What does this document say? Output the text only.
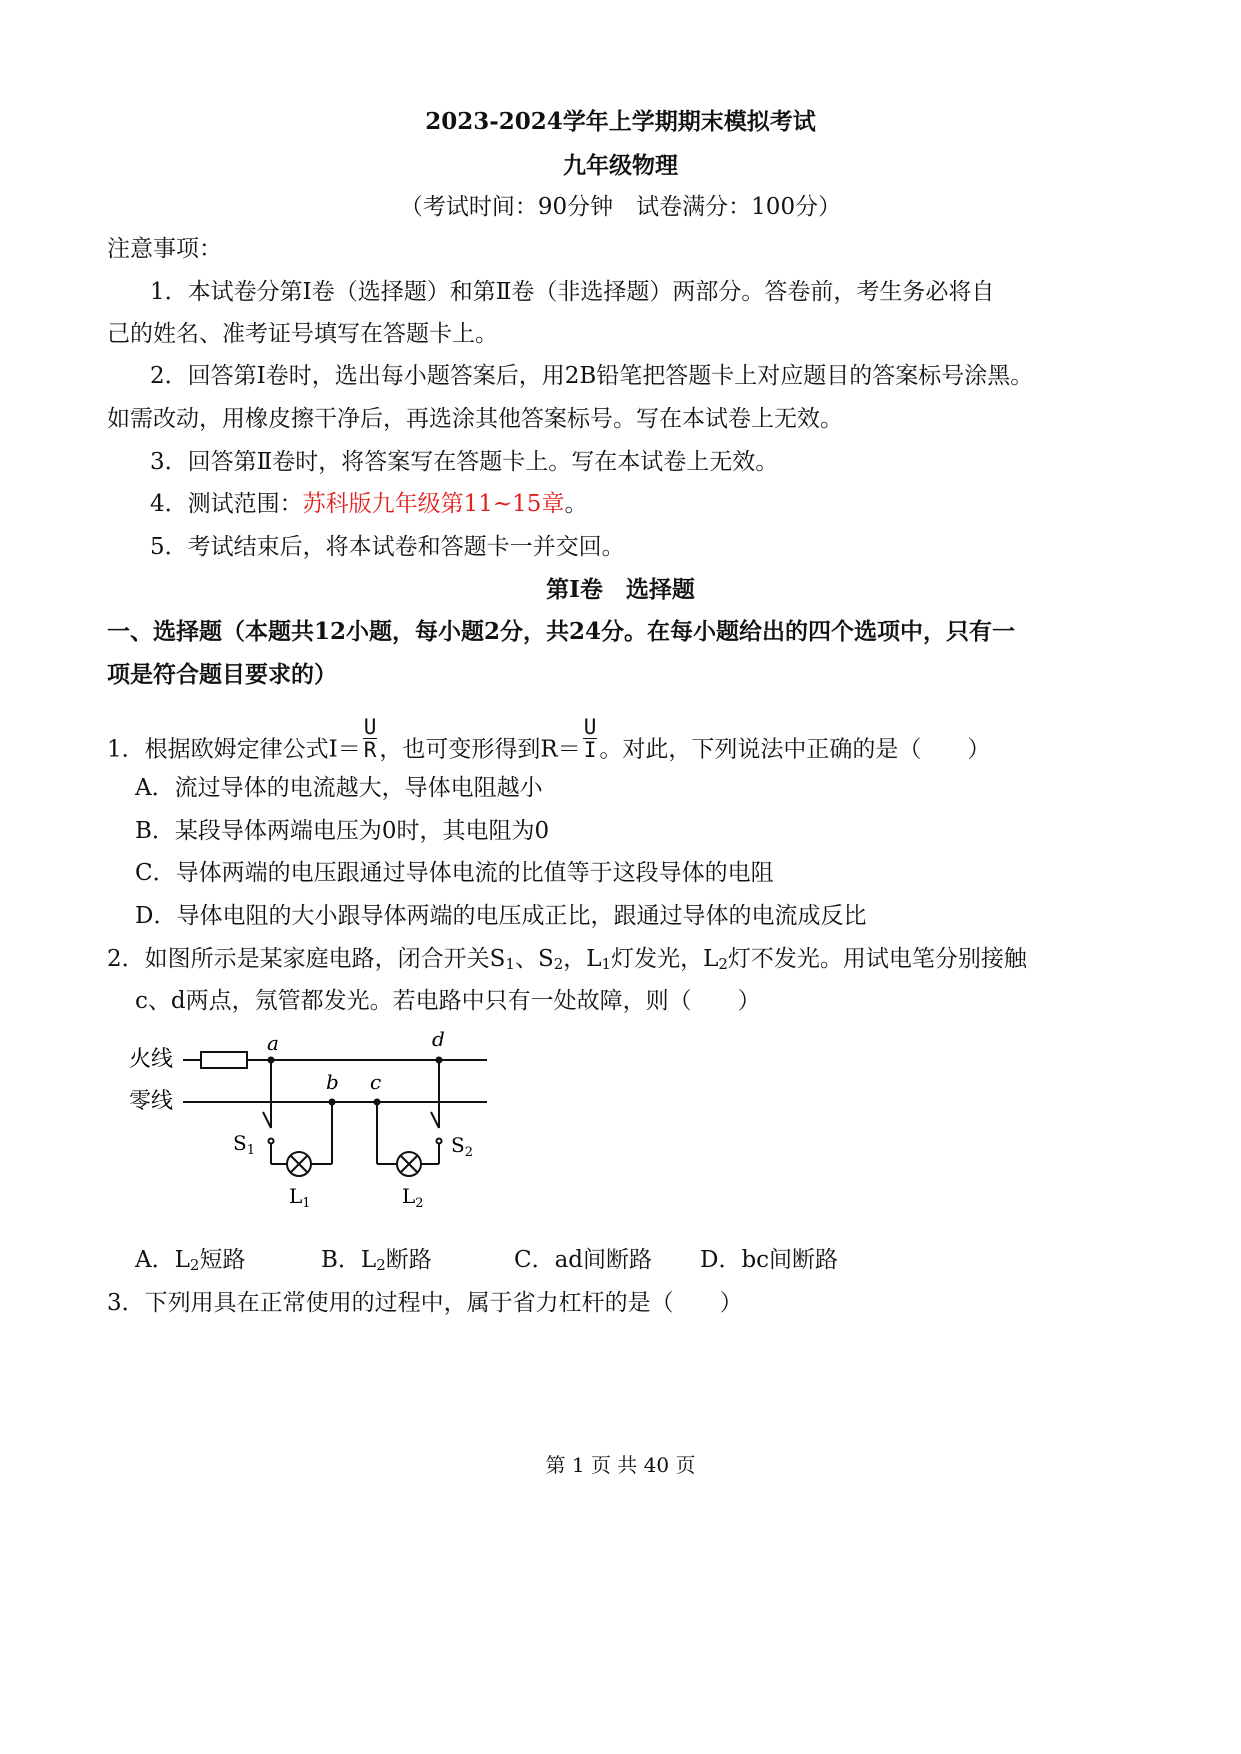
2023-2024学年上学期期末模拟考试
九年级物理
（考试时间：90分钟　试卷满分：100分）
注意事项：
1．本试卷分第Ⅰ卷（选择题）和第Ⅱ卷（非选择题）两部分。答卷前，考生务必将自
己的姓名、准考证号填写在答题卡上。
2．回答第Ⅰ卷时，选出每小题答案后，用2B铅笔把答题卡上对应题目的答案标号涂黑。
如需改动，用橡皮擦干净后，再选涂其他答案标号。写在本试卷上无效。
3．回答第Ⅱ卷时，将答案写在答题卡上。写在本试卷上无效。
4．测试范围：苏科版九年级第11~15章。
5．考试结束后，将本试卷和答题卡一并交回。
第Ⅰ卷　选择题
一、选择题（本题共12小题，每小题2分，共24分。在每小题给出的四个选项中，只有一
项是符合题目要求的）
1．根据欧姆定律公式$I= \frac{U}{R}$ ，也可变形得到$R= \frac{U}{I}$ 。对此，下列说法中正确的是（　　）
A．流过导体的电流越大，导体电阻越小
B．某段导体两端电压为0时，其电阻为0
C．导体两端的电压跟通过导体电流的比值等于这段导体的电阻
D．导体电阻的大小跟导体两端的电压成正比，跟通过导体的电流成反比
2．如图所示是某家庭电路，闭合开关$S_1$、$S_2$，$L_1$灯发光，$L_2$灯不发光。用试电笔分别接触
c、d两点，氖管都发光。若电路中只有一处故障，则（　　）
火线
零线
a	d
b c
$S_1$
$L_1$
$S_2$
$L_2$
A．$L_2$短路	B．$L_2$断路	C．ad间断路 D．bc间断路
3．下列用具在正常使用的过程中，属于省力杠杆的是（　　）
第 1 页 共 40 页
